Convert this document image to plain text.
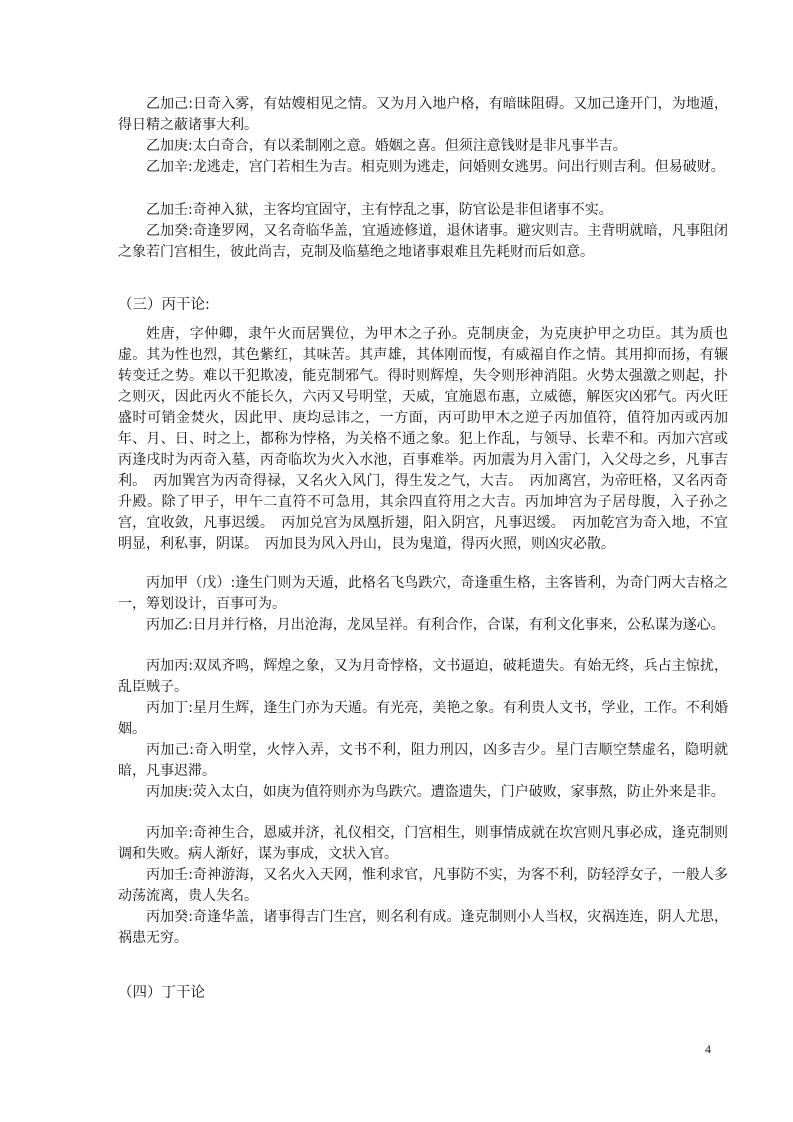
乙加己:日奇入雾，有姑嫂相见之情。又为月入地户格，有暗昧阻碍。又加己逢开门，为地遁，得日精之蔽诸事大利。

乙加庚:太白奇合，有以柔制刚之意。婚姻之喜。但须注意钱财是非凡事半吉。

乙加辛:龙逃走，宫门若相生为吉。相克则为逃走，问婚则女逃男。问出行则吉利。但易破财。

乙加壬:奇神入狱，主客均宜固守，主有悖乱之事，防官讼是非但诸事不实。

乙加癸:奇逢罗网，又名奇临华盖，宜遁迹修道，退休诸事。避灾则吉。主背明就暗，凡事阻闭之象若门宫相生，彼此尚吉，克制及临墓绝之地诸事艰难且先耗财而后如意。

（三）丙干论:

姓唐，字仲卿，隶午火而居巽位，为甲木之子孙。克制庚金，为克庚护甲之功臣。其为质也虚。其为性也烈，其色紫红，其味苦。其声雄，其体刚而愎，有威福自作之情。其用抑而扬，有辗转变迁之势。难以干犯欺凌，能克制邪气。得时则辉煌，失令则形神消阻。火势太强激之则起，扑之则灭，因此丙火不能长久，六丙又号明堂，天威，宜施恩布惠，立威德，解医灾凶邪气。丙火旺盛时可销金焚火，因此甲、庚均忌讳之，一方面，丙可助甲木之逆子丙加值符，值符加丙或丙加年、月、日、时之上，都称为悖格，为关格不通之象。犯上作乱，与领导、长辈不和。丙加六宫或丙逢戌时为丙奇入墓，丙奇临坎为火入水池，百事难举。丙加震为月入雷门，入父母之乡，凡事吉利。　丙加巽宫为丙奇得禄，又名火入风门，得生发之气，大吉。　丙加离宫，为帝旺格，又名丙奇升殿。除了甲子，甲午二直符不可急用，其余四直符用之大吉。丙加坤宫为子居母腹，入子孙之宫，宜收敛，凡事迟缓。　丙加兑宫为凤凰折翅，阳入阴宫，凡事迟缓。　丙加乾宫为奇入地，不宜明显，利私事，阴谋。　丙加艮为风入丹山，艮为鬼道，得丙火照，则凶灾必散。

丙加甲（戊）:逢生门则为天遁，此格名飞鸟跌穴，奇逢重生格，主客皆利，为奇门两大吉格之一，筹划设计，百事可为。

丙加乙:日月并行格，月出沧海，龙凤呈祥。有利合作，合谋，有利文化事来，公私谋为遂心。

丙加丙:双凤齐鸣，辉煌之象，又为月奇悖格，文书逼迫，破耗遗失。有始无终，兵占主惊扰，乱臣贼子。

丙加丁:星月生辉，逢生门亦为天遁。有光亮，美艳之象。有利贵人文书，学业，工作。不利婚姻。

丙加己:奇入明堂，火悖入弄，文书不利，阻力刑囚，凶多吉少。星门吉顺空禁虚名，隐明就暗，凡事迟滞。

丙加庚:荧入太白，如庚为值符则亦为鸟跌穴。遭盗遗失，门户破败，家事熬，防止外来是非。

丙加辛:奇神生合，恩威并济，礼仪相交，门宫相生，则事情成就在坎宫则凡事必成，逢克制则调和失败。病人渐好，谋为事成，文状入官。

丙加壬:奇神游海，又名火入天网，惟利求官，凡事防不实，为客不利，防轻浮女子，一般人多动荡流离，贵人失名。

丙加癸:奇逢华盖，诸事得吉门生宫，则名利有成。逢克制则小人当权，灾祸连连，阴人尤思，祸患无穷。

（四）丁干论
4
